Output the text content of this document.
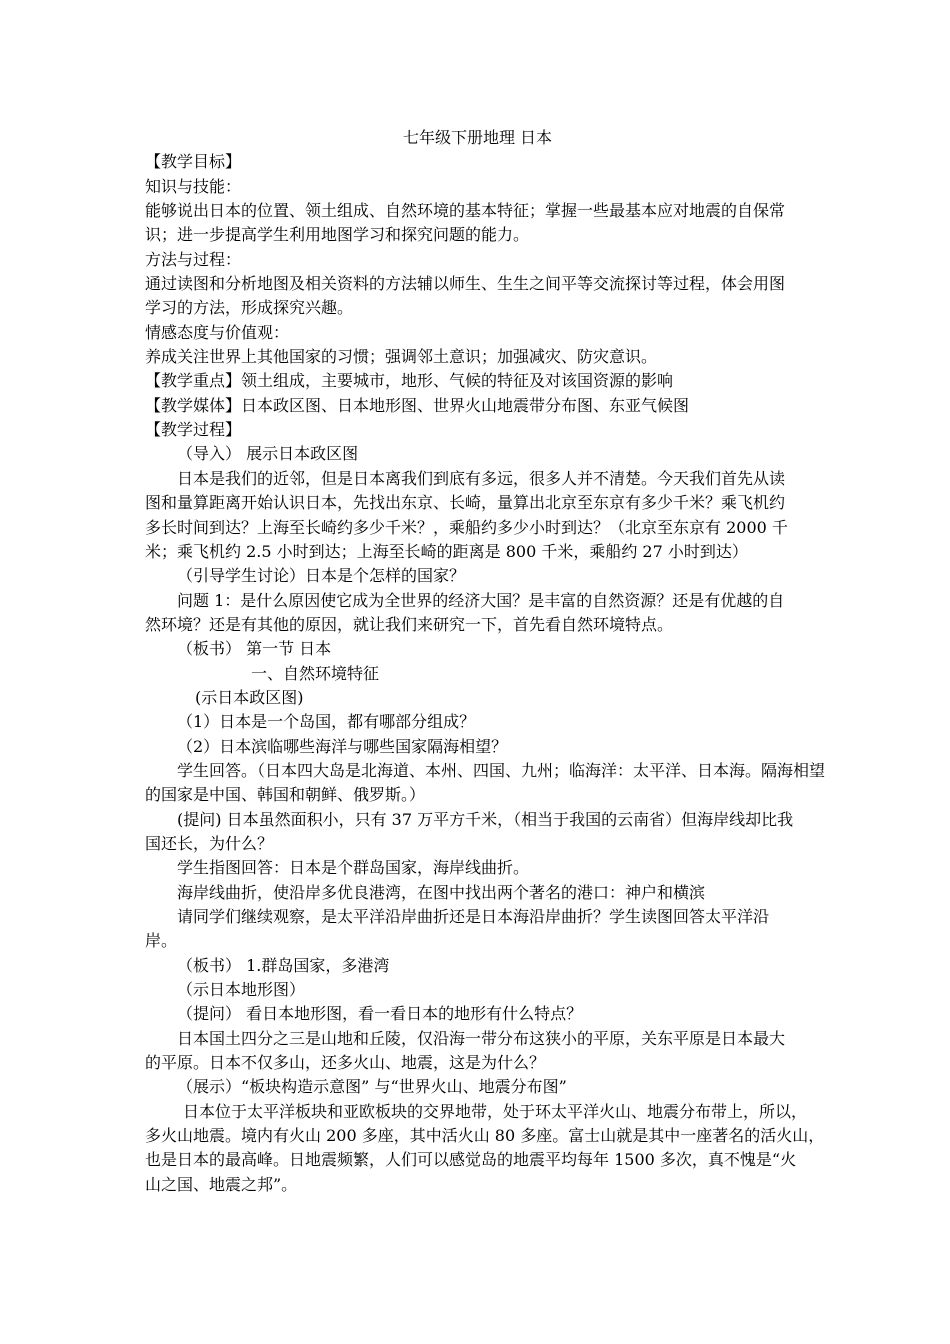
七年级下册地理 日本
【教学目标】
知识与技能：
能够说出日本的位置、领土组成、自然环境的基本特征；掌握一些最基本应对地震的自保常
识；进一步提高学生利用地图学习和探究问题的能力。
方法与过程：
通过读图和分析地图及相关资料的方法辅以师生、生生之间平等交流探讨等过程，体会用图
学习的方法，形成探究兴趣。
情感态度与价值观：
养成关注世界上其他国家的习惯；强调邻土意识；加强减灾、防灾意识。
【教学重点】领土组成，主要城市，地形、气候的特征及对该国资源的影响
【教学媒体】日本政区图、日本地形图、世界火山地震带分布图、东亚气候图
【教学过程】
（导入） 展示日本政区图
日本是我们的近邻，但是日本离我们到底有多远，很多人并不清楚。今天我们首先从读
图和量算距离开始认识日本，先找出东京、长崎，量算出北京至东京有多少千米？乘飞机约
多长时间到达？上海至长崎约多少千米？，乘船约多少小时到达？（北京至东京有 2000 千
米；乘飞机约 2.5 小时到达；上海至长崎的距离是 800 千米，乘船约 27 小时到达）
（引导学生讨论）日本是个怎样的国家？
问题 1：是什么原因使它成为全世界的经济大国？是丰富的自然资源？还是有优越的自
然环境？还是有其他的原因，就让我们来研究一下，首先看自然环境特点。
（板书） 第一节 日本
一、自然环境特征
(示日本政区图)
（1）日本是一个岛国，都有哪部分组成？
（2）日本滨临哪些海洋与哪些国家隔海相望？
学生回答。（日本四大岛是北海道、本州、四国、九州；临海洋：太平洋、日本海。隔海相望
的国家是中国、韩国和朝鲜、俄罗斯。）
(提问) 日本虽然面积小，只有 37 万平方千米，（相当于我国的云南省）但海岸线却比我
国还长，为什么？
学生指图回答：日本是个群岛国家，海岸线曲折。
海岸线曲折，使沿岸多优良港湾，在图中找出两个著名的港口：神户和横滨
请同学们继续观察，是太平洋沿岸曲折还是日本海沿岸曲折？学生读图回答太平洋沿
岸。
（板书） 1.群岛国家，多港湾
（示日本地形图）
（提问） 看日本地形图，看一看日本的地形有什么特点？
日本国土四分之三是山地和丘陵，仅沿海一带分布这狭小的平原，关东平原是日本最大
的平原。日本不仅多山，还多火山、地震，这是为什么？
（展示）“板块构造示意图” 与“世界火山、地震分布图”
日本位于太平洋板块和亚欧板块的交界地带，处于环太平洋火山、地震分布带上，所以，
多火山地震。境内有火山 200 多座，其中活火山 80 多座。富士山就是其中一座著名的活火山，
也是日本的最高峰。日地震频繁，人们可以感觉岛的地震平均每年 1500 多次，真不愧是“火
山之国、地震之邦”。
